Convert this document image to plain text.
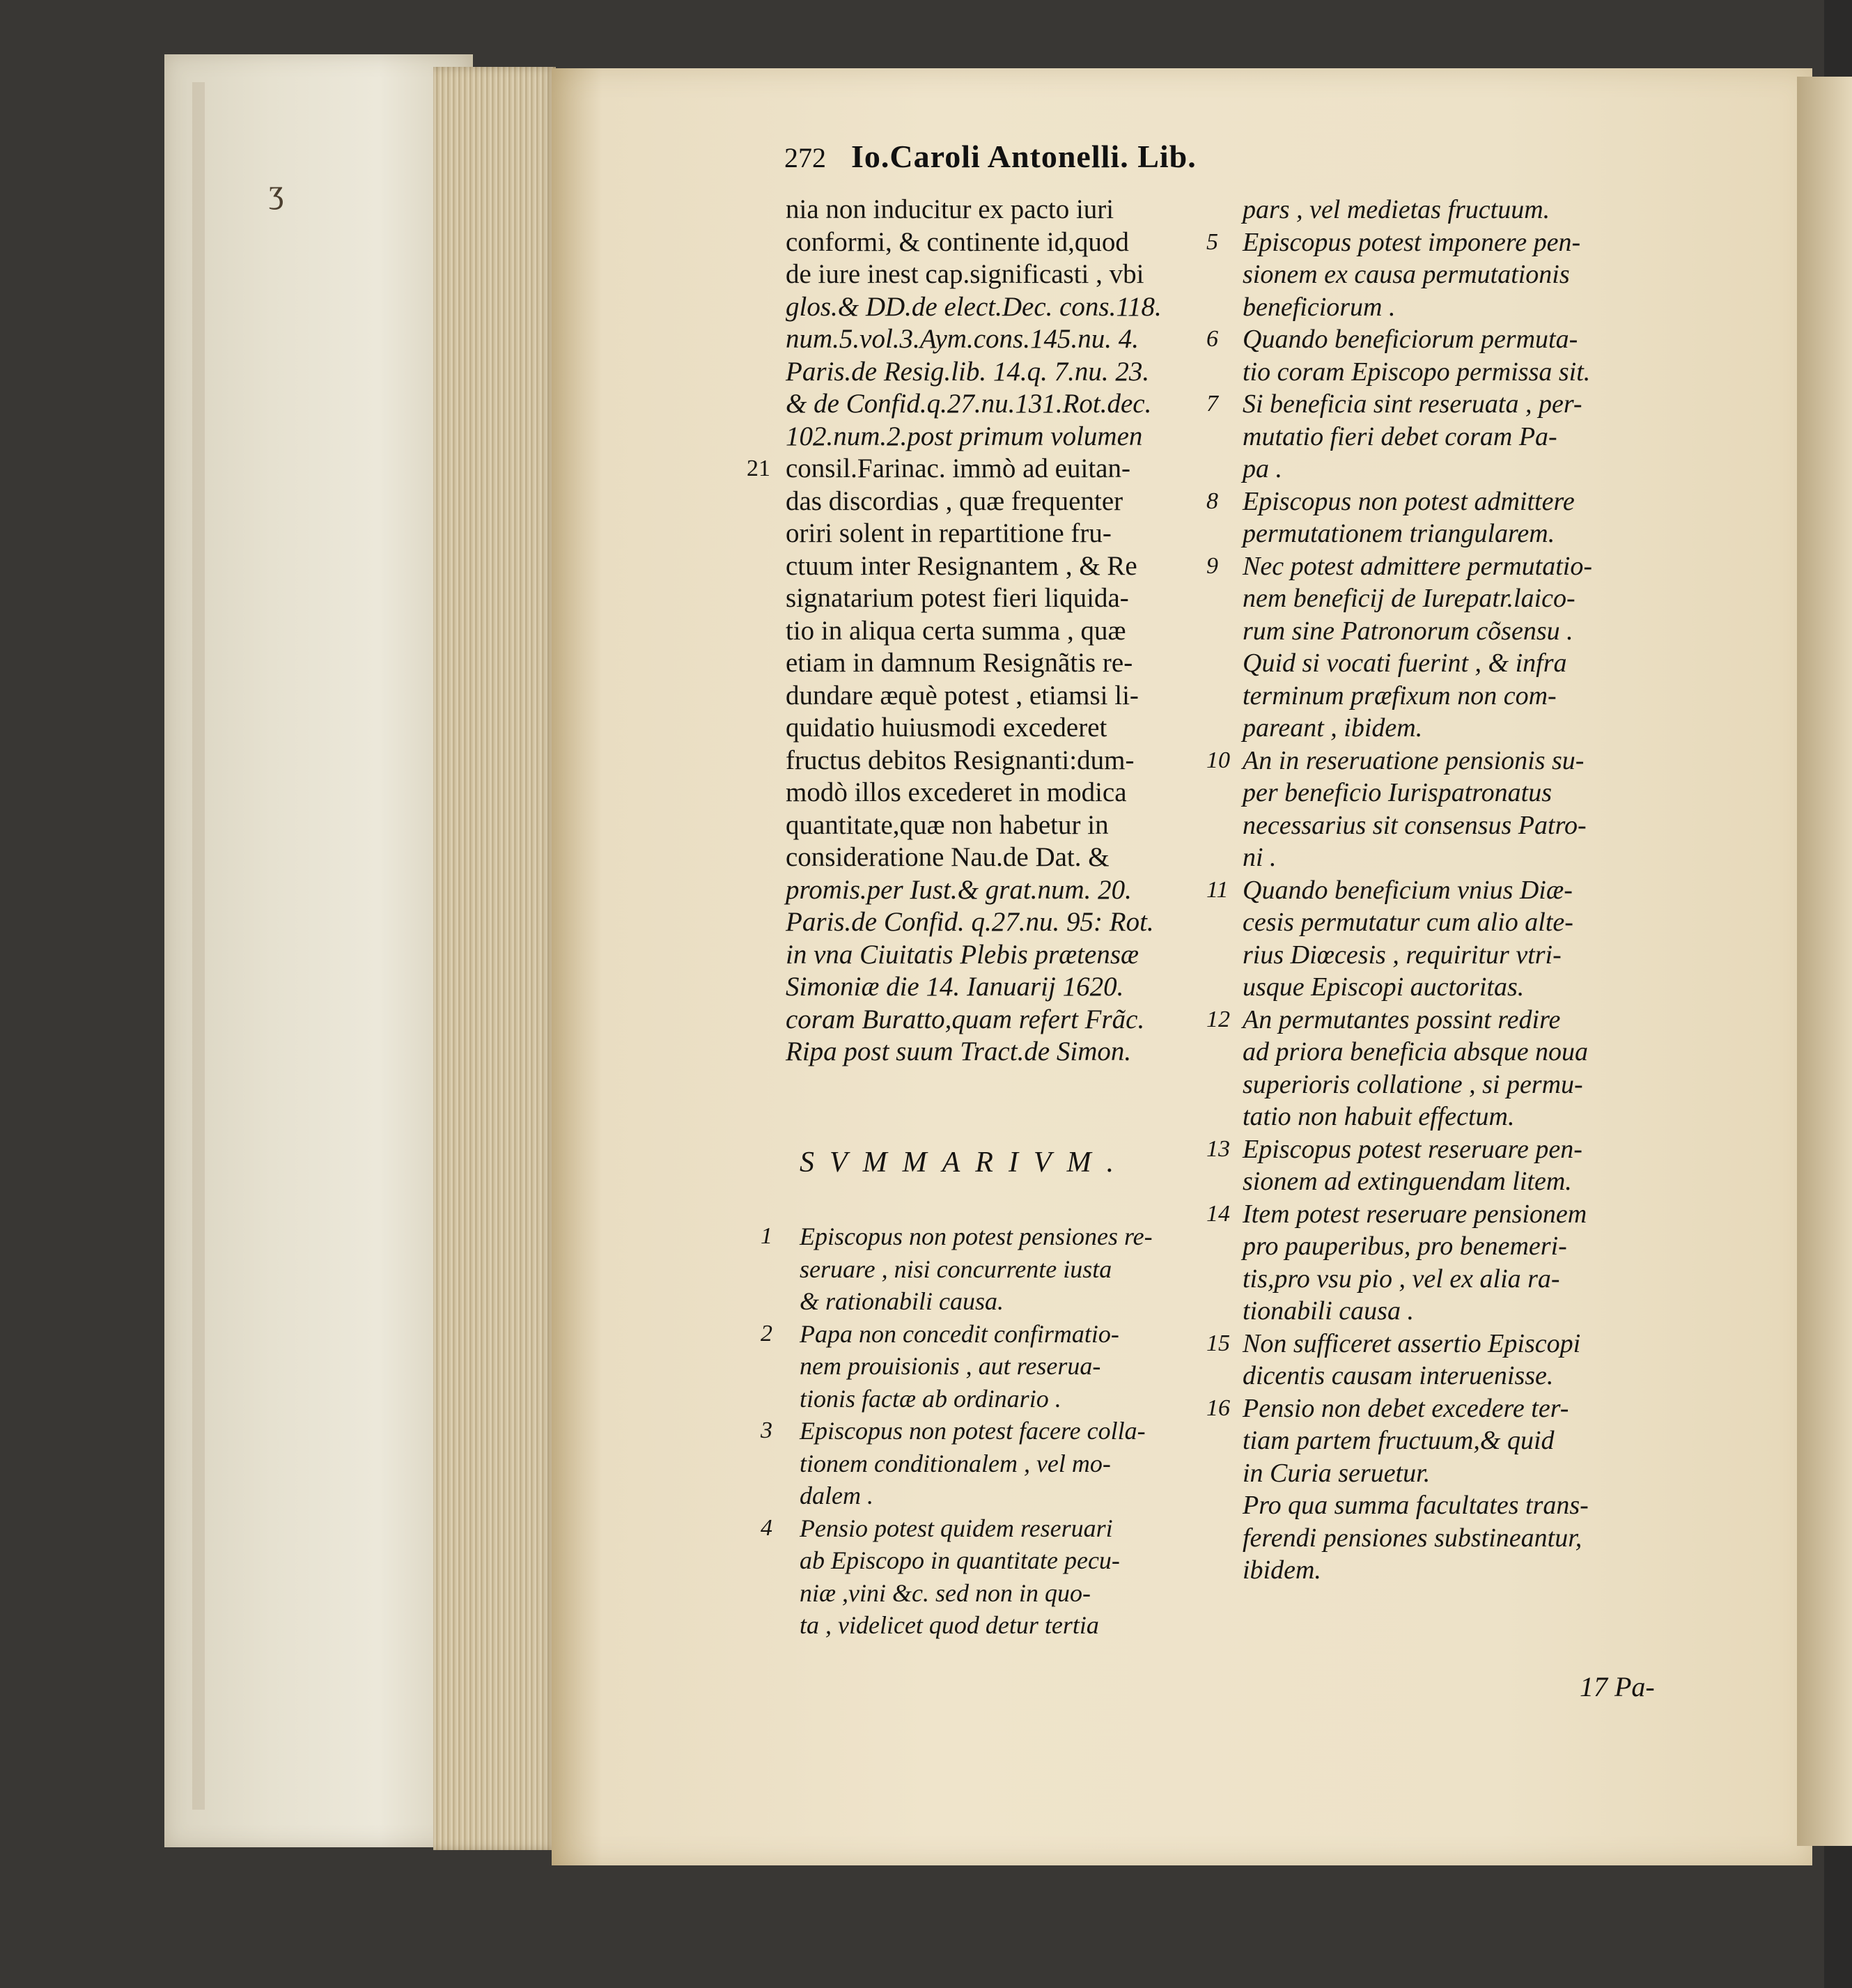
ʒ
272 Io.Caroli Antonelli. Lib.
nia non inducitur ex pacto iuri
conformi, & continente id,quod
de iure inest cap.significasti , vbi
glos.& DD.de elect.Dec. cons.118.
num.5.vol.3.Aym.cons.145.nu. 4.
Paris.de Resig.lib. 14.q. 7.nu. 23.
& de Confid.q.27.nu.131.Rot.dec.
102.num.2.post primum volumen
21 consil.Farinac. immò ad euitan-
das discordias , quæ frequenter
oriri solent in repartitione fru-
ctuum inter Resignantem , & Re
signatarium potest fieri liquida-
tio in aliqua certa summa , quæ
etiam in damnum Resignãtis re-
dundare æquè potest , etiamsi li-
quidatio huiusmodi excederet
fructus debitos Resignanti:dum-
modò illos excederet in modica
quantitate,quæ non habetur in
consideratione Nau.de Dat. &
promis.per Iust.& grat.num. 20.
Paris.de Confid. q.27.nu. 95: Rot.
in vna Ciuitatis Plebis prætensæ
Simoniæ die 14. Ianuarij 1620.
coram Buratto,quam refert Frãc.
Ripa post suum Tract.de Simon.
SVMMARIVM.
1 Episcopus non potest pensiones re-
seruare , nisi concurrente iusta
& rationabili causa.
2 Papa non concedit confirmatio-
nem prouisionis , aut reserua-
tionis factæ ab ordinario .
3 Episcopus non potest facere colla-
tionem conditionalem , vel mo-
dalem .
4 Pensio potest quidem reseruari
ab Episcopo in quantitate pecu-
niæ ,vini &c. sed non in quo-
ta , videlicet quod detur tertia
pars , vel medietas fructuum.
5 Episcopus potest imponere pen-
sionem ex causa permutationis
beneficiorum .
6 Quando beneficiorum permuta-
tio coram Episcopo permissa sit.
7 Si beneficia sint reseruata , per-
mutatio fieri debet coram Pa-
pa .
8 Episcopus non potest admittere
permutationem triangularem.
9 Nec potest admittere permutatio-
nem beneficij de Iurepatr.laico-
rum sine Patronorum cõsensu .
Quid si vocati fuerint , & infra
terminum præfixum non com-
pareant , ibidem.
10 An in reseruatione pensionis su-
per beneficio Iurispatronatus
necessarius sit consensus Patro-
ni .
11 Quando beneficium vnius Diæ-
cesis permutatur cum alio alte-
rius Diœcesis , requiritur vtri-
usque Episcopi auctoritas.
12 An permutantes possint redire
ad priora beneficia absque noua
superioris collatione , si permu-
tatio non habuit effectum.
13 Episcopus potest reseruare pen-
sionem ad extinguendam litem.
14 Item potest reseruare pensionem
pro pauperibus, pro benemeri-
tis,pro vsu pio , vel ex alia ra-
tionabili causa .
15 Non sufficeret assertio Episcopi
dicentis causam interuenisse.
16 Pensio non debet excedere ter-
tiam partem fructuum,& quid
in Curia seruetur.
Pro qua summa facultates trans-
ferendi pensiones substineantur,
ibidem.
17 Pa-
